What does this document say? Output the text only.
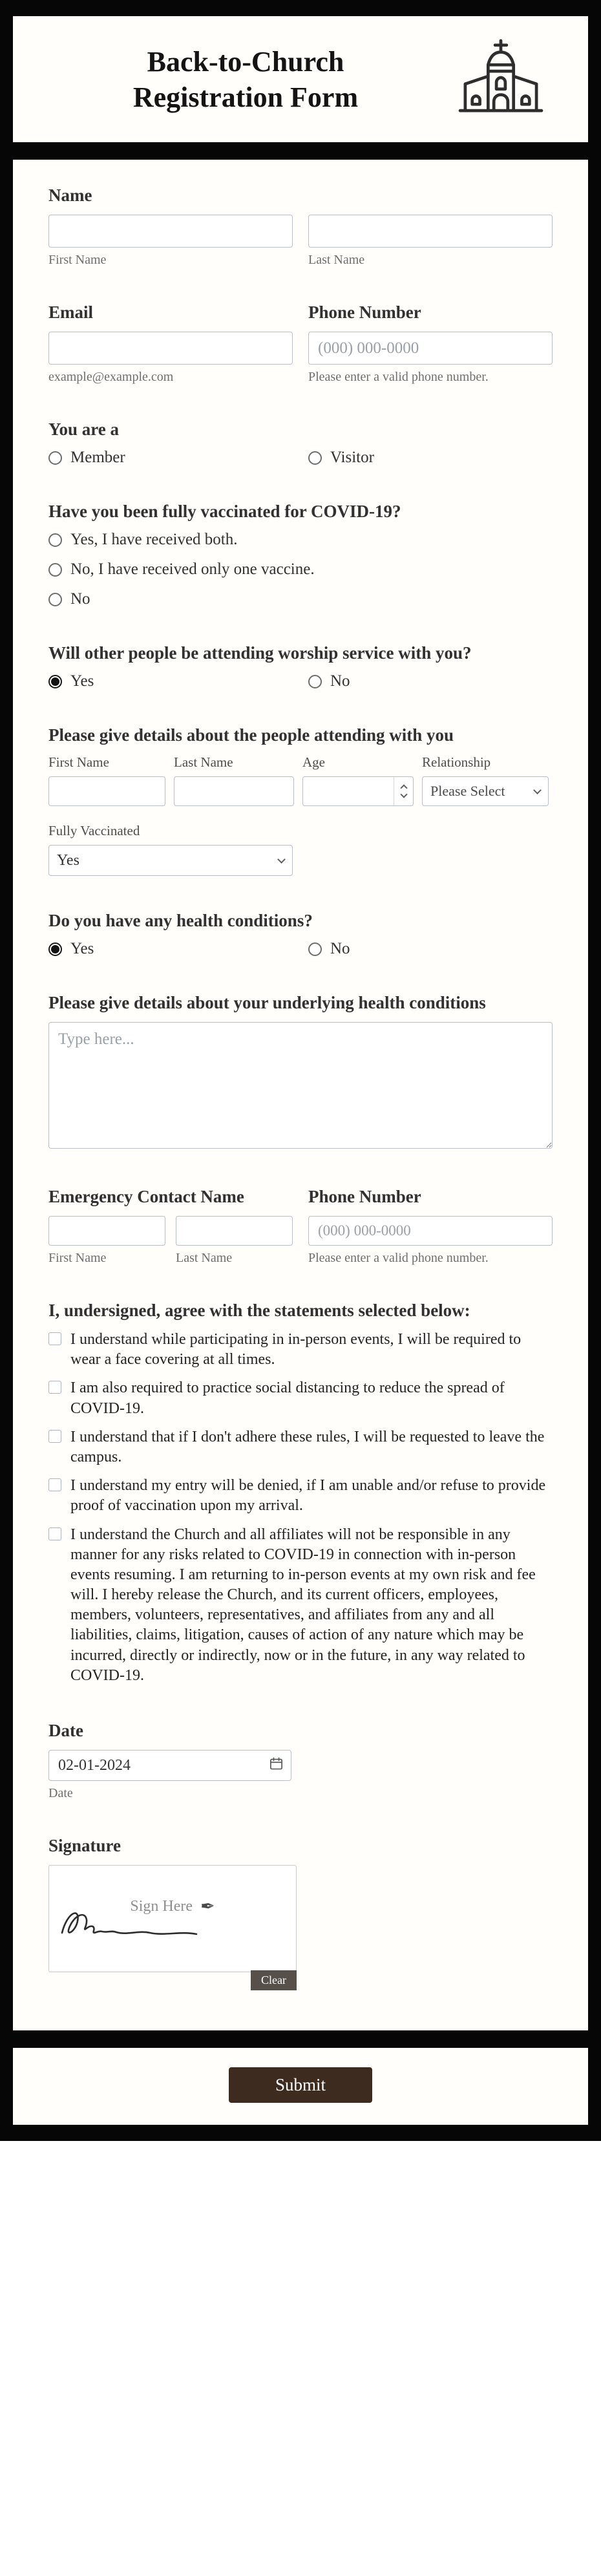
Back-to-Church
Registration Form
Name
First Name	Last Name
Email
example@example.com
Phone Number
(000) 000-0000
Please enter a valid phone number.
You are a
Member	Visitor
Have you been fully vaccinated for COVID-19?
Yes, I have received both.
No, I have received only one vaccine.
No
Will other people be attending worship service with you?
Yes	No
Please give details about the people attending with you
First Name	Last Name	Age	Relationship
Please Select
Fully Vaccinated
Yes
Do you have any health conditions?
Yes	No
Please give details about your underlying health conditions
Type here...
Emergency Contact Name
First Name	Last Name
Phone Number
(000) 000-0000
Please enter a valid phone number.
I, undersigned, agree with the statements selected below:
I understand while participating in in-person events, I will be required to wear a face covering at all times.
I am also required to practice social distancing to reduce the spread of COVID-19.
I understand that if I don't adhere these rules, I will be requested to leave the campus.
I understand my entry will be denied, if I am unable and/or refuse to provide proof of vaccination upon my arrival.
I understand the Church and all affiliates will not be responsible in any manner for any risks related to COVID-19 in connection with in-person events resuming. I am returning to in-person events at my own risk and fee will. I hereby release the Church, and its current officers, employees, members, volunteers, representatives, and affiliates from any and all liabilities, claims, litigation, causes of action of any nature which may be incurred, directly or indirectly, now or in the future, in any way related to COVID-19.
Date
02-01-2024
Date
Signature
Sign Here ✒
Clear
Submit
